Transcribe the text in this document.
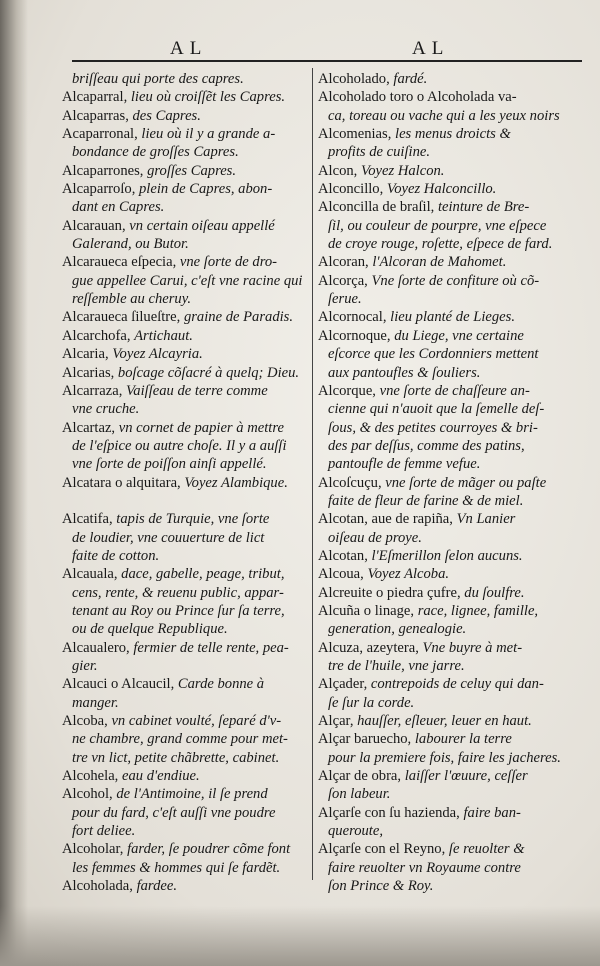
AL	AL
briſſeau qui porte des capres.
Alcaparral, lieu où croiſſẽt les Capres.
Alcaparras, des Capres.
Acaparronal, lieu où il y a grande a-
bondance de groſſes Capres.
Alcaparrones, groſſes Capres.
Alcaparroſo, plein de Capres, abon-
dant en Capres.
Alcarauan, vn certain oiſeau appellé
Galerand, ou Butor.
Alcaraueca eſpecia, vne ſorte de dro-
gue appellee Carui, c'eſt vne racine qui
reſſemble au cheruy.
Alcaraueca ſilueſtre, graine de Paradis.
Alcarchofa, Artichaut.
Alcaria, Voyez Alcayria.
Alcarias, boſcage cõſacré à quelq; Dieu.
Alcarraza, Vaiſſeau de terre comme
vne cruche.
Alcartaz, vn cornet de papier à mettre
de l'eſpice ou autre choſe. Il y a auſſi
vne ſorte de poiſſon ainſi appellé.
Alcatara o alquitara, Voyez Alambique.
Alcatifa, tapis de Turquie, vne ſorte
de loudier, vne couuerture de lict
faite de cotton.
Alcauala, dace, gabelle, peage, tribut,
cens, rente, & reuenu public, appar-
tenant au Roy ou Prince ſur ſa terre,
ou de quelque Republique.
Alcaualero, fermier de telle rente, pea-
gier.
Alcauci o Alcaucil, Carde bonne à
manger.
Alcoba, vn cabinet voulté, ſeparé d'v-
ne chambre, grand comme pour met-
tre vn lict, petite chãbrette, cabinet.
Alcohela, eau d'endiue.
Alcohol, de l'Antimoine, il ſe prend
pour du fard, c'eſt auſſi vne poudre
fort deliee.
Alcoholar, farder, ſe poudrer cõme font
les femmes & hommes qui ſe fardẽt.
Alcoholada, fardee.
Alcoholado, fardé.
Alcoholado toro o Alcoholada va-
ca, toreau ou vache qui a les yeux noirs
Alcomenias, les menus droicts &
profits de cuiſine.
Alcon, Voyez Halcon.
Alconcillo, Voyez Halconcillo.
Alconcilla de braſil, teinture de Bre-
ſil, ou couleur de pourpre, vne eſpece
de croye rouge, roſette, eſpece de fard.
Alcoran, l'Alcoran de Mahomet.
Alcorça, Vne ſorte de confiture où cõ-
ſerue.
Alcornocal, lieu planté de Lieges.
Alcornoque, du Liege, vne certaine
eſcorce que les Cordonniers mettent
aux pantoufles & ſouliers.
Alcorque, vne ſorte de chaſſeure an-
cienne qui n'auoit que la ſemelle deſ-
ſous, & des petites courroyes & bri-
des par deſſus, comme des patins,
pantoufle de femme vefue.
Alcoſcuçu, vne ſorte de mãger ou paſte
faite de fleur de farine & de miel.
Alcotan, aue de rapiña, Vn Lanier
oiſeau de proye.
Alcotan, l'Eſmerillon ſelon aucuns.
Alcoua, Voyez Alcoba.
Alcreuite o piedra çufre, du ſoulfre.
Alcuña o linage, race, lignee, famille,
generation, genealogie.
Alcuza, azeytera, Vne buyre à met-
tre de l'huile, vne jarre.
Alçader, contrepoids de celuy qui dan-
ſe ſur la corde.
Alçar, hauſſer, eſleuer, leuer en haut.
Alçar baruecho, labourer la terre
pour la premiere fois, faire les jacheres.
Alçar de obra, laiſſer l'œuure, ceſſer
ſon labeur.
Alçarſe con ſu hazienda, faire ban-
queroute,
Alçarſe con el Reyno, ſe reuolter &
faire reuolter vn Royaume contre
ſon Prince & Roy.
